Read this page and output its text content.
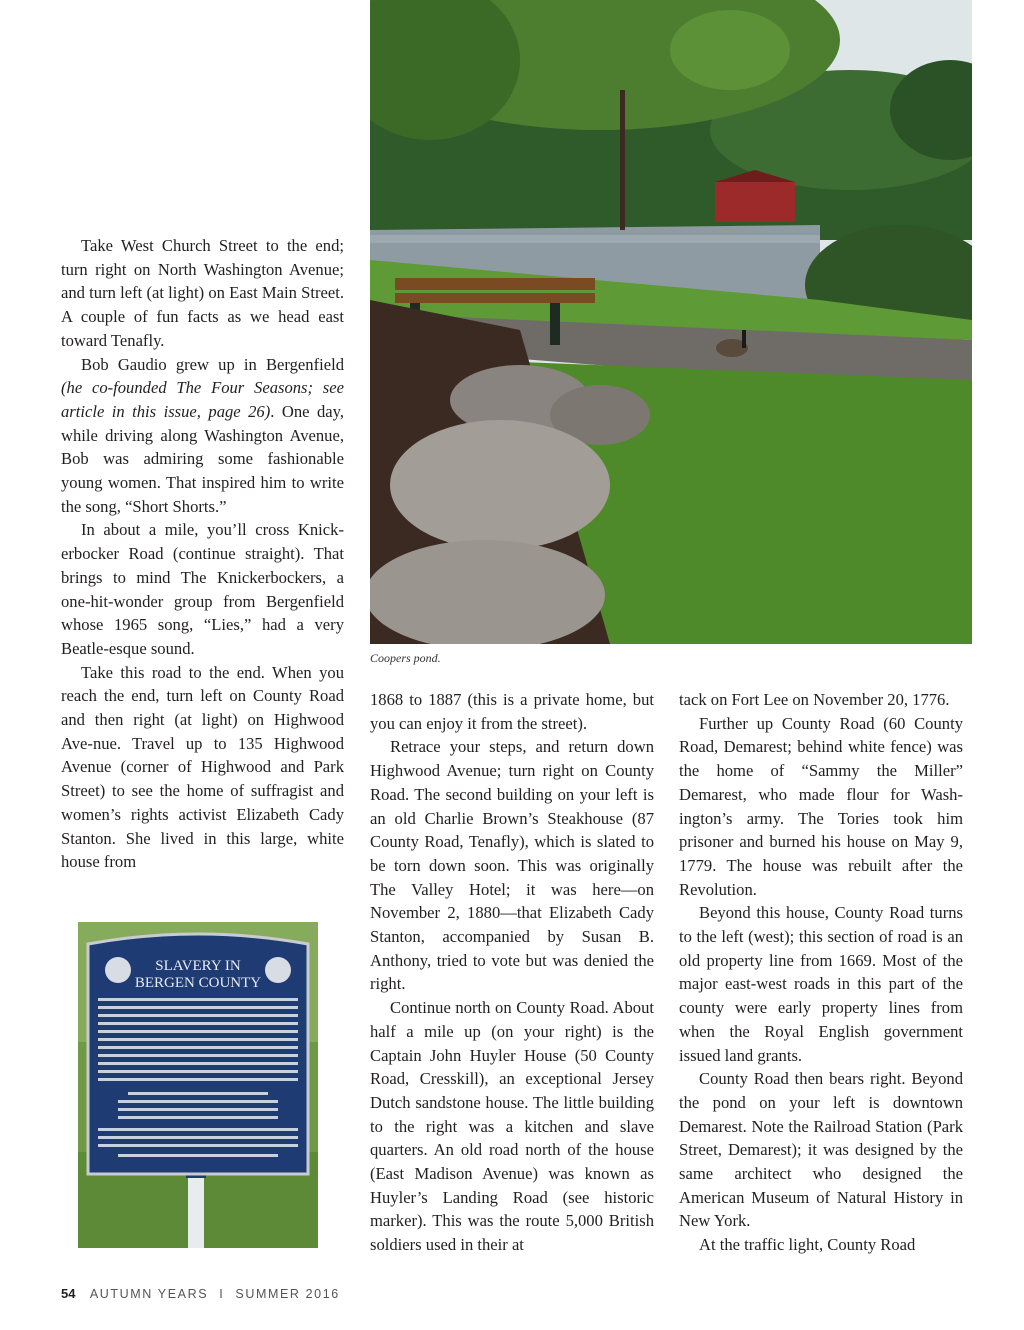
Coopers pond.
SLAVERY IN
BERGEN COUNTY

Take West Church Street to the end; turn right on North Washington Avenue; and turn left (at light) on East Main Street. A couple of fun facts as we head east toward Tenafly.

Bob Gaudio grew up in Bergenfield (he co-founded The Four Seasons; see article in this issue, page 26). One day, while driving along Washington Avenue, Bob was admiring some fashionable young women. That inspired him to write the song, “Short Shorts.”

In about a mile, you’ll cross Knickerbocker Road (continue straight). That brings to mind The Knickerbockers, a one-hit-wonder group from Bergenfield whose 1965 song, “Lies,” had a very Beatle-esque sound.

Take this road to the end. When you reach the end, turn left on County Road and then right (at light) on Highwood Ave-nue. Travel up to 135 Highwood Avenue (corner of Highwood and Park Street) to see the home of suffragist and women’s rights activist Elizabeth Cady Stanton. She lived in this large, white house from

1868 to 1887 (this is a private home, but you can enjoy it from the street).

Retrace your steps, and return down Highwood Avenue; turn right on County Road. The second building on your left is an old Charlie Brown’s Steakhouse (87 County Road, Tenafly), which is slated to be torn down soon. This was originally The Valley Hotel; it was here—on November 2, 1880—that Elizabeth Cady Stanton, accompanied by Susan B. Anthony, tried to vote but was denied the right.

Continue north on County Road. About half a mile up (on your right) is the Captain John Huyler House (50 County Road, Cresskill), an exceptional Jersey Dutch sandstone house. The little building to the right was a kitchen and slave quarters. An old road north of the house (East Madison Avenue) was known as Huyler’s Landing Road (see historic marker). This was the route 5,000 British soldiers used in their at

tack on Fort Lee on November 20, 1776.

Further up County Road (60 County Road, Demarest; behind white fence) was the home of “Sammy the Miller” Demarest, who made flour for Washington’s army. The Tories took him prisoner and burned his house on May 9, 1779. The house was rebuilt after the Revolution.

Beyond this house, County Road turns to the left (west); this section of road is an old property line from 1669. Most of the major east-west roads in this part of the county were early property lines from when the Royal English government issued land grants.

County Road then bears right. Beyond the pond on your left is downtown Demarest. Note the Railroad Station (Park Street, Demarest); it was designed by the same architect who designed the American Museum of Natural History in New York.

At the traffic light, County Road

54 AUTUMN YEARS I SUMMER 2016
